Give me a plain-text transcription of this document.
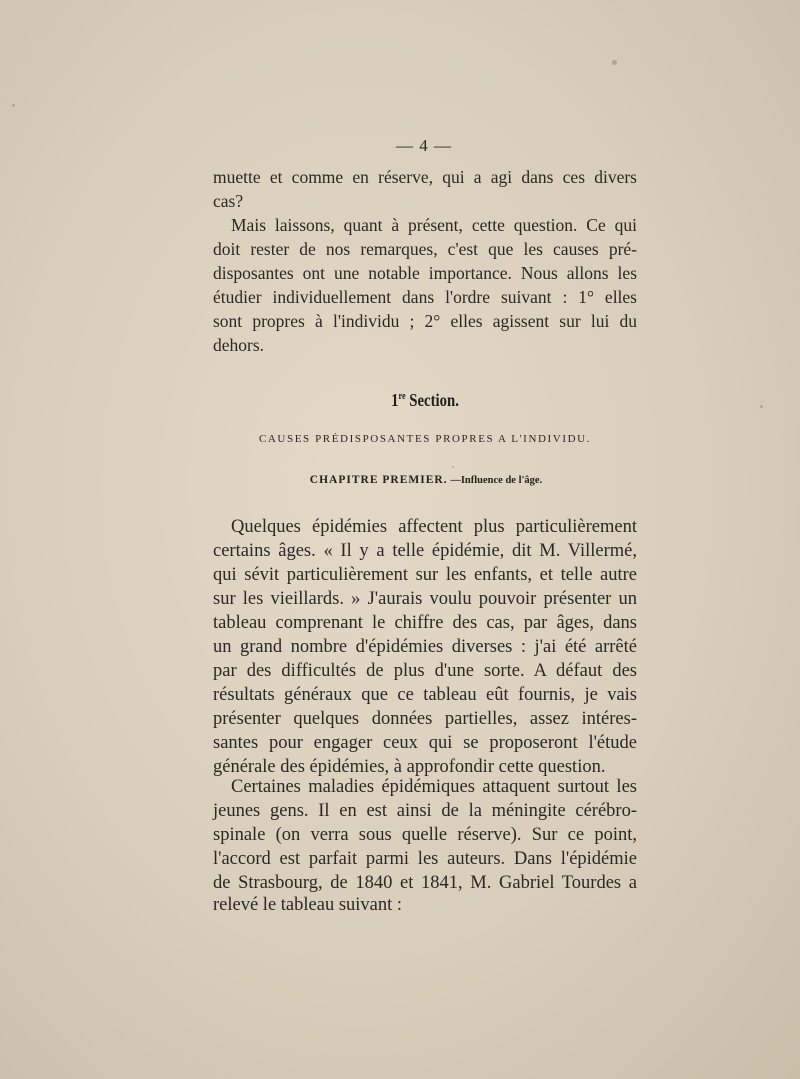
— 4 —
muette et comme en réserve, qui a agi dans ces divers
cas?
Mais laissons, quant à présent, cette question. Ce qui
doit rester de nos remarques, c'est que les causes pré-
disposantes ont une notable importance. Nous allons les
étudier individuellement dans l'ordre suivant : 1° elles
sont propres à l'individu ; 2° elles agissent sur lui du
dehors.
1re Section.
CAUSES PRÉDISPOSANTES PROPRES A L'INDIVIDU.
CHAPITRE PREMIER. —Influence de l'âge.
Quelques épidémies affectent plus particulièrement
certains âges. « Il y a telle épidémie, dit M. Villermé,
qui sévit particulièrement sur les enfants, et telle autre
sur les vieillards. » J'aurais voulu pouvoir présenter un
tableau comprenant le chiffre des cas, par âges, dans
un grand nombre d'épidémies diverses : j'ai été arrêté
par des difficultés de plus d'une sorte. A défaut des
résultats généraux que ce tableau eût fournis, je vais
présenter quelques données partielles, assez intéres-
santes pour engager ceux qui se proposeront l'étude
générale des épidémies, à approfondir cette question.
Certaines maladies épidémiques attaquent surtout les
jeunes gens. Il en est ainsi de la méningite cérébro-
spinale (on verra sous quelle réserve). Sur ce point,
l'accord est parfait parmi les auteurs. Dans l'épidémie
de Strasbourg, de 1840 et 1841, M. Gabriel Tourdes a
relevé le tableau suivant :
